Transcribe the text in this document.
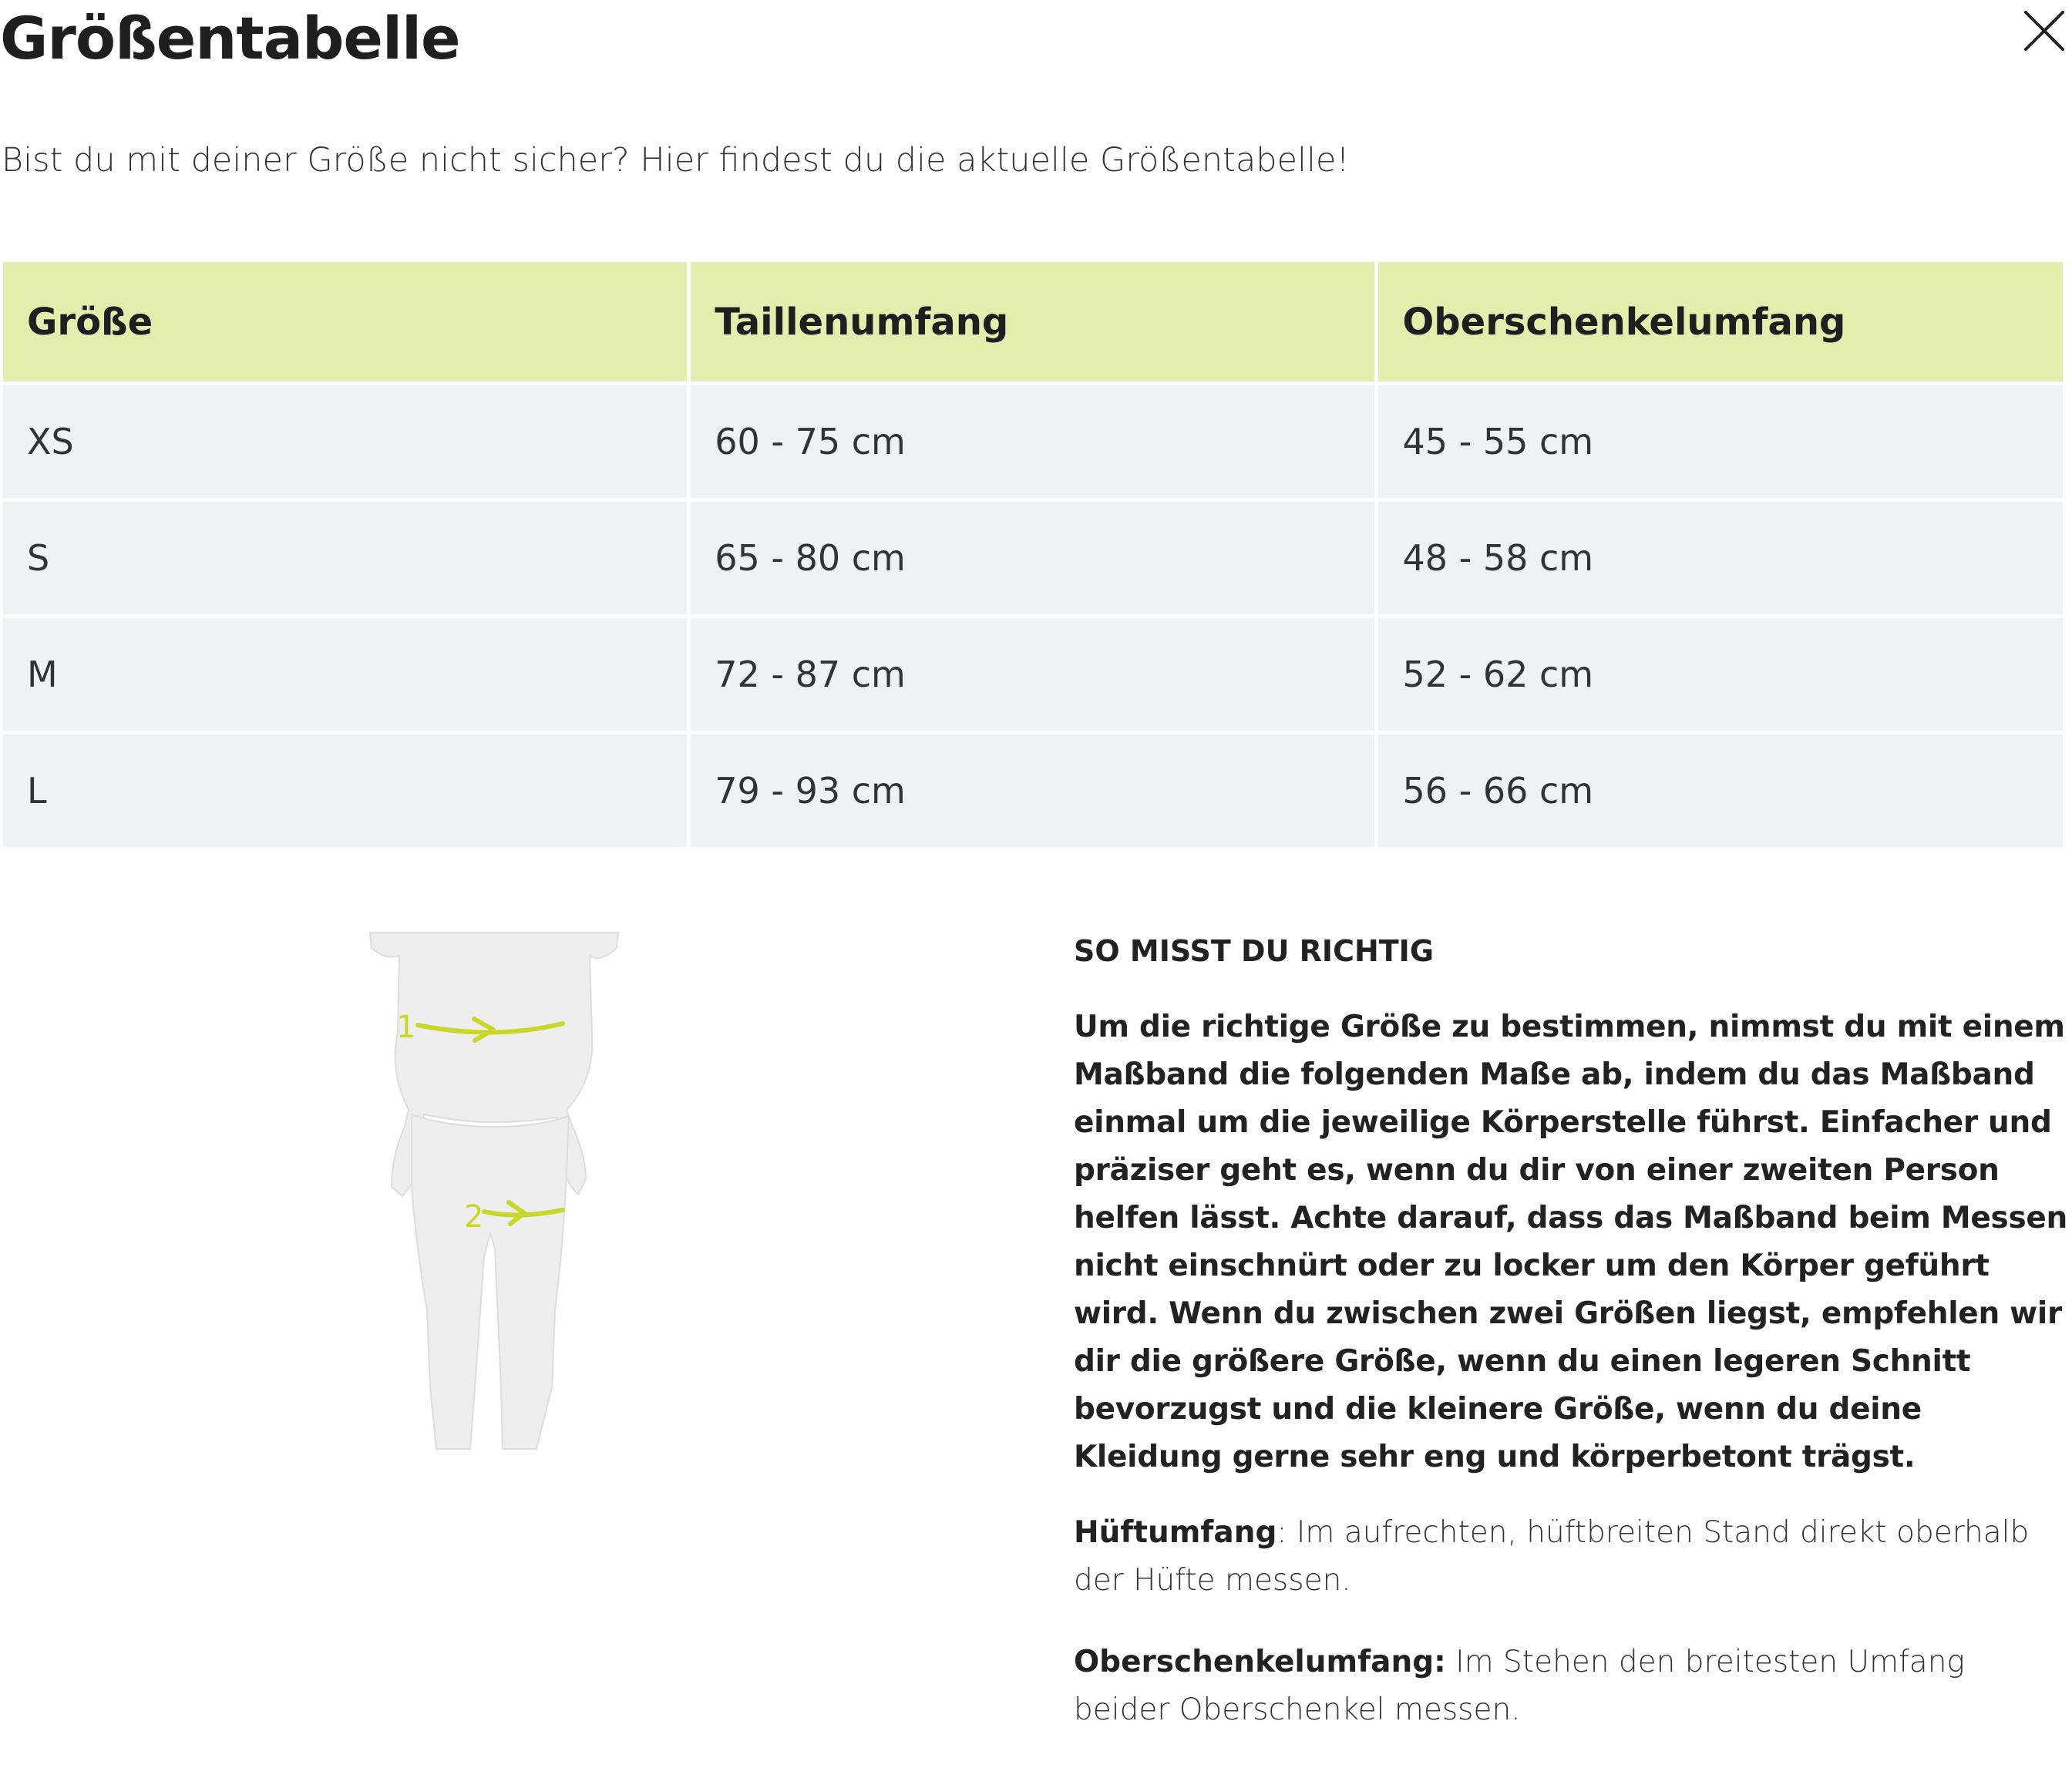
Größentabelle
Bist du mit deiner Größe nicht sicher? Hier findest du die aktuelle Größentabelle!
Größe	Taillenumfang	Oberschenkelumfang
XS	60 - 75 cm	45 - 55 cm
S	65 - 80 cm	48 - 58 cm
M	72 - 87 cm	52 - 62 cm
L	79 - 93 cm	56 - 66 cm
1
2
SO MISST DU RICHTIG
Um die richtige Größe zu bestimmen, nimmst du mit einem Maßband die folgenden Maße ab, indem du das Maßband einmal um die jeweilige Körperstelle führst. Einfacher und präziser geht es, wenn du dir von einer zweiten Person helfen lässt. Achte darauf, dass das Maßband beim Messen nicht einschnürt oder zu locker um den Körper geführt wird. Wenn du zwischen zwei Größen liegst, empfehlen wir dir die größere Größe, wenn du einen legeren Schnitt bevorzugst und die kleinere Größe, wenn du deine Kleidung gerne sehr eng und körperbetont trägst.
Hüftumfang: Im aufrechten, hüftbreiten Stand direkt oberhalb der Hüfte messen.
Oberschenkelumfang: Im Stehen den breitesten Umfang beider Oberschenkel messen.
